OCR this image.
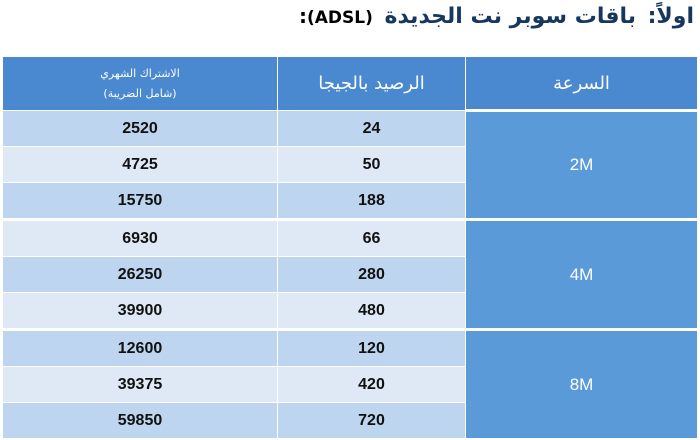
اولاً: باقات سوبر نت الجديدة (ADSL):
الاشتراك الشهري
(شامل الضريبة)	الرصيد بالجيجا	السرعة
2520	24	2M
4725	50	
15750	188	
6930	66	4M
26250	280	
39900	480	
12600	120	8M
39375	420	
59850	720	
